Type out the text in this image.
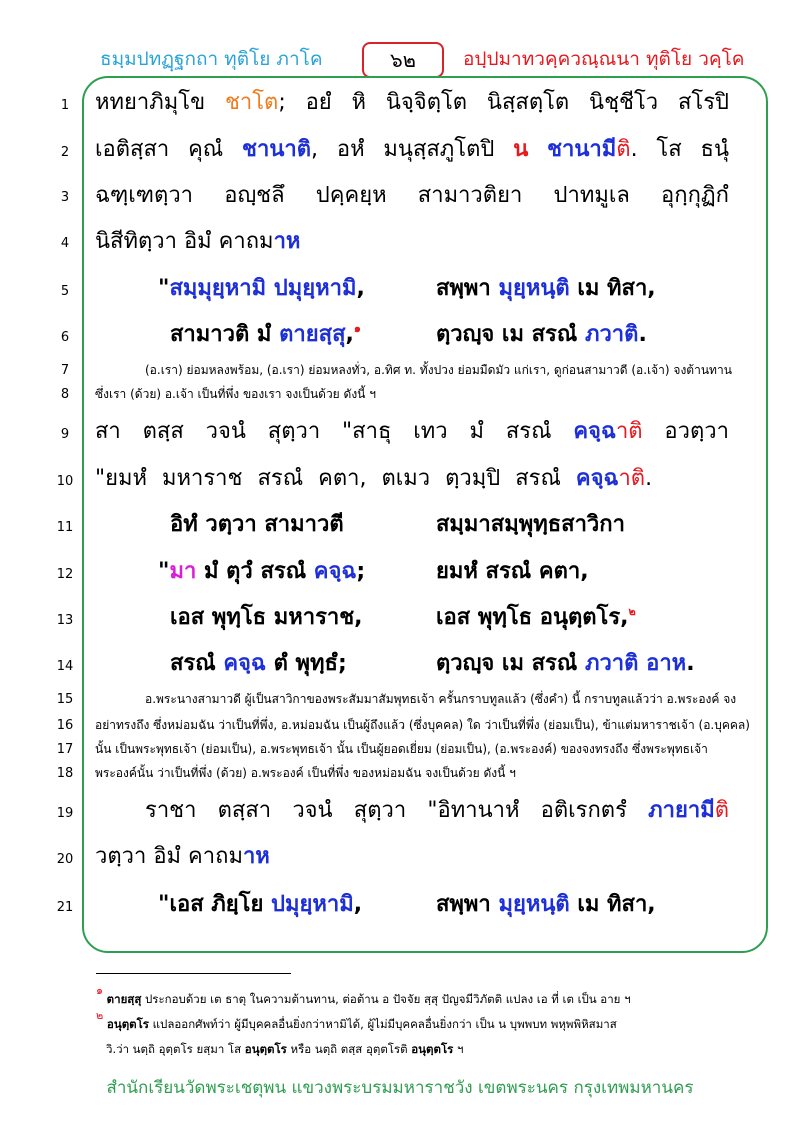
ธมฺมปทฏฺฐกถา ทุติโย ภาโค	๖๒	อปฺปมาทวคฺควณฺณนา ทุติโย วคฺโค
1
2
3
4
5
6
7
8
9
10
11
12
13
14
15
16
17
18
19
20
21
หทยาภิมุโข ชาโต; อยํ หิ นิจฺจิตฺโต นิสฺสตฺโต นิชฺชีโว สโรปิ
เอติสฺสา คุณํ ชานาติ, อหํ มนุสฺสภูโตปิ น ชานามีติ. โส ธนุํ
ฉฑฺเฑตฺวา อญฺชลึ ปคฺคยฺห สามาวติยา ปาทมูเล อุกฺกุฏิกํ
นิสีทิตฺวา อิมํ คาถมาห
"สมฺมุยฺหามิ ปมุยฺหามิ,	สพฺพา มุยฺหนฺติ เม ทิสา,
สามาวติ มํ ตายสฺสุ,$^๑$	ตฺวญฺจ เม สรณํ ภวาติ.
(อ.เรา) ย่อมหลงพร้อม, (อ.เรา) ย่อมหลงทั่ว, อ.ทิศ ท. ทั้งปวง ย่อมมืดมัว แก่เรา, ดูก่อนสามาวดี (อ.เจ้า) จงต้านทาน
ซึ่งเรา (ด้วย) อ.เจ้า เป็นที่พึ่ง ของเรา จงเป็นด้วย ดังนี้ ฯ
สา ตสฺส วจนํ สุตฺวา "สาธุ เทว มํ สรณํ คจฺฉาติ อวตฺวา
"ยมหํ มหาราช สรณํ คตา, ตเมว ตฺวมฺปิ สรณํ คจฺฉาติ.
อิทํ วตฺวา สามาวตี	สมฺมาสมฺพุทฺธสาวิกา
"มา มํ ตุวํ สรณํ คจฺฉ;	ยมหํ สรณํ คตา,
เอส พุทฺโธ มหาราช,	เอส พุทฺโธ อนุตฺตโร,$^๒$
สรณํ คจฺฉ ตํ พุทฺธํ;	ตฺวญฺจ เม สรณํ ภวาติ อาห.
อ.พระนางสามาวดี ผู้เป็นสาวิกาของพระสัมมาสัมพุทธเจ้า ครั้นกราบทูลแล้ว (ซึ่งคำ) นี้ กราบทูลแล้วว่า อ.พระองค์ จง
อย่าทรงถึง ซึ่งหม่อมฉัน ว่าเป็นที่พึ่ง, อ.หม่อมฉัน เป็นผู้ถึงแล้ว (ซึ่งบุคคล) ใด ว่าเป็นที่พึ่ง (ย่อมเป็น), ข้าแต่มหาราชเจ้า (อ.บุคคล)
นั้น เป็นพระพุทธเจ้า (ย่อมเป็น), อ.พระพุทธเจ้า นั้น เป็นผู้ยอดเยี่ยม (ย่อมเป็น), (อ.พระองค์) ของจงทรงถึง ซึ่งพระพุทธเจ้า
พระองค์นั้น ว่าเป็นที่พึ่ง (ด้วย) อ.พระองค์ เป็นที่พึ่ง ของหม่อมฉัน จงเป็นด้วย ดังนี้ ฯ
ราชา ตสฺสา วจนํ สุตฺวา "อิทานาหํ อติเรกตรํ ภายามีติ
วตฺวา อิมํ คาถมาห
"เอส ภิยฺโย ปมุยฺหามิ,	สพฺพา มุยฺหนฺติ เม ทิสา,
$^๑$ ตายสฺสุ ประกอบด้วย เต ธาตุ ในความต้านทาน, ต่อต้าน อ ปัจจัย สฺสุ ปัญจมีวิภัตติ แปลง เอ ที่ เต เป็น อาย ฯ
$^๒$ อนุตฺตโร แปลออกศัพท์ว่า ผู้มีบุคคลอื่นยิ่งกว่าหามิได้, ผู้ไม่มีบุคคลอื่นยิ่งกว่า เป็น น บุพพบท พหุพพิหิสมาส
วิ.ว่า นตฺถิ อุตฺตโร ยสฺมา โส อนุตฺตโร หรือ นตฺถิ ตสฺส อุตฺตโรติ อนุตฺตโร ฯ
สำนักเรียนวัดพระเชตุพน แขวงพระบรมมหาราชวัง เขตพระนคร กรุงเทพมหานคร
